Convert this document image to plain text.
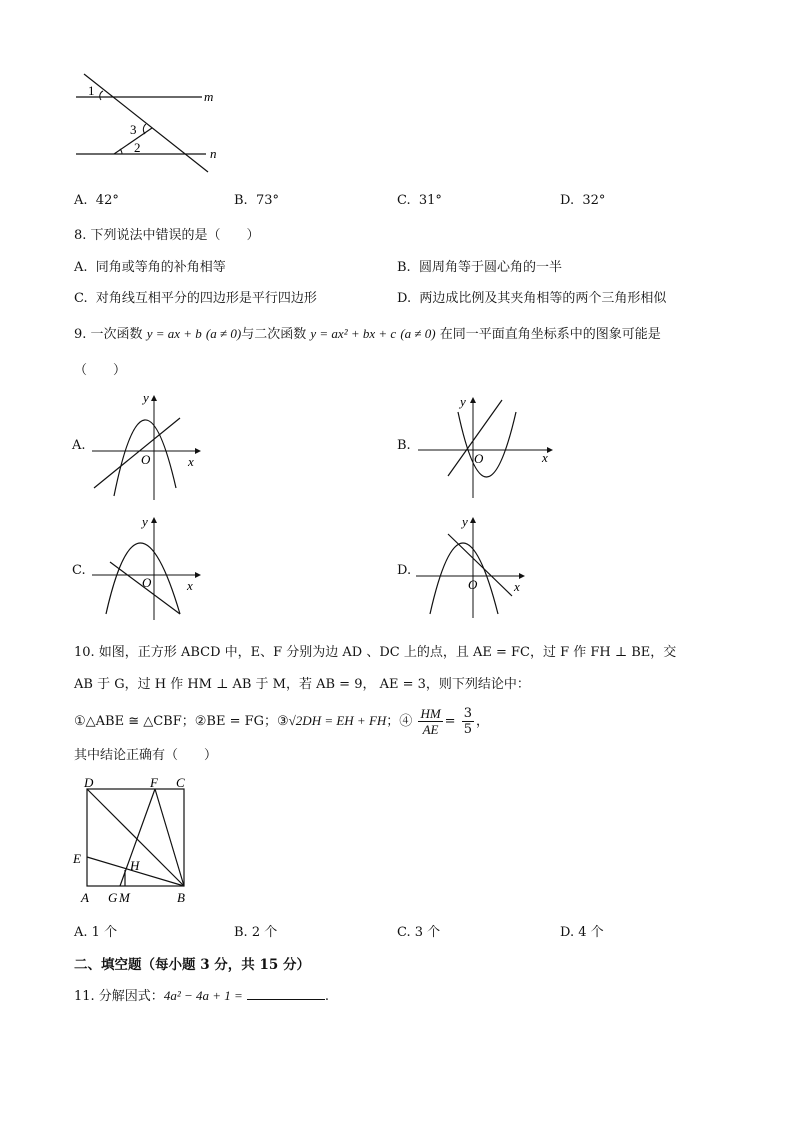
1
3
2
m
n
A. 42°	B. 73°	C. 31°	D. 32°
8. 下列说法中错误的是（　　）
A. 同角或等角的补角相等	B. 圆周角等于圆心角的一半
C. 对角线互相平分的四边形是平行四边形	D. 两边成比例及其夹角相等的两个三角形相似
9. 一次函数 y = ax + b (a ≠ 0)与二次函数 y = ax² + bx + c (a ≠ 0) 在同一平面直角坐标系中的图象可能是
（　　）
A.
y
x
O
B.
y
x
O
C.
y
x
O
D.
y
x
O
10. 如图，正方形 ABCD 中，E、F 分别为边 AD 、DC 上的点，且 AE = FC，过 F 作 FH ⊥ BE，交
AB 于 G，过 H 作 HM ⊥ AB 于 M，若 AB = 9， AE = 3，则下列结论中：
①△ABE ≅ △CBF；②BE = FG；③√2DH = EH + FH；④ $\frac{HM}{AE} = \frac{3}{5}$ ，
其中结论正确有（　　）
D	F C
E	H
A G M	B
A. 1 个	B. 2 个	C. 3 个	D. 4 个
二、填空题（每小题 3 分，共 15 分）
11. 分解因式：4a² − 4a + 1 =	.
